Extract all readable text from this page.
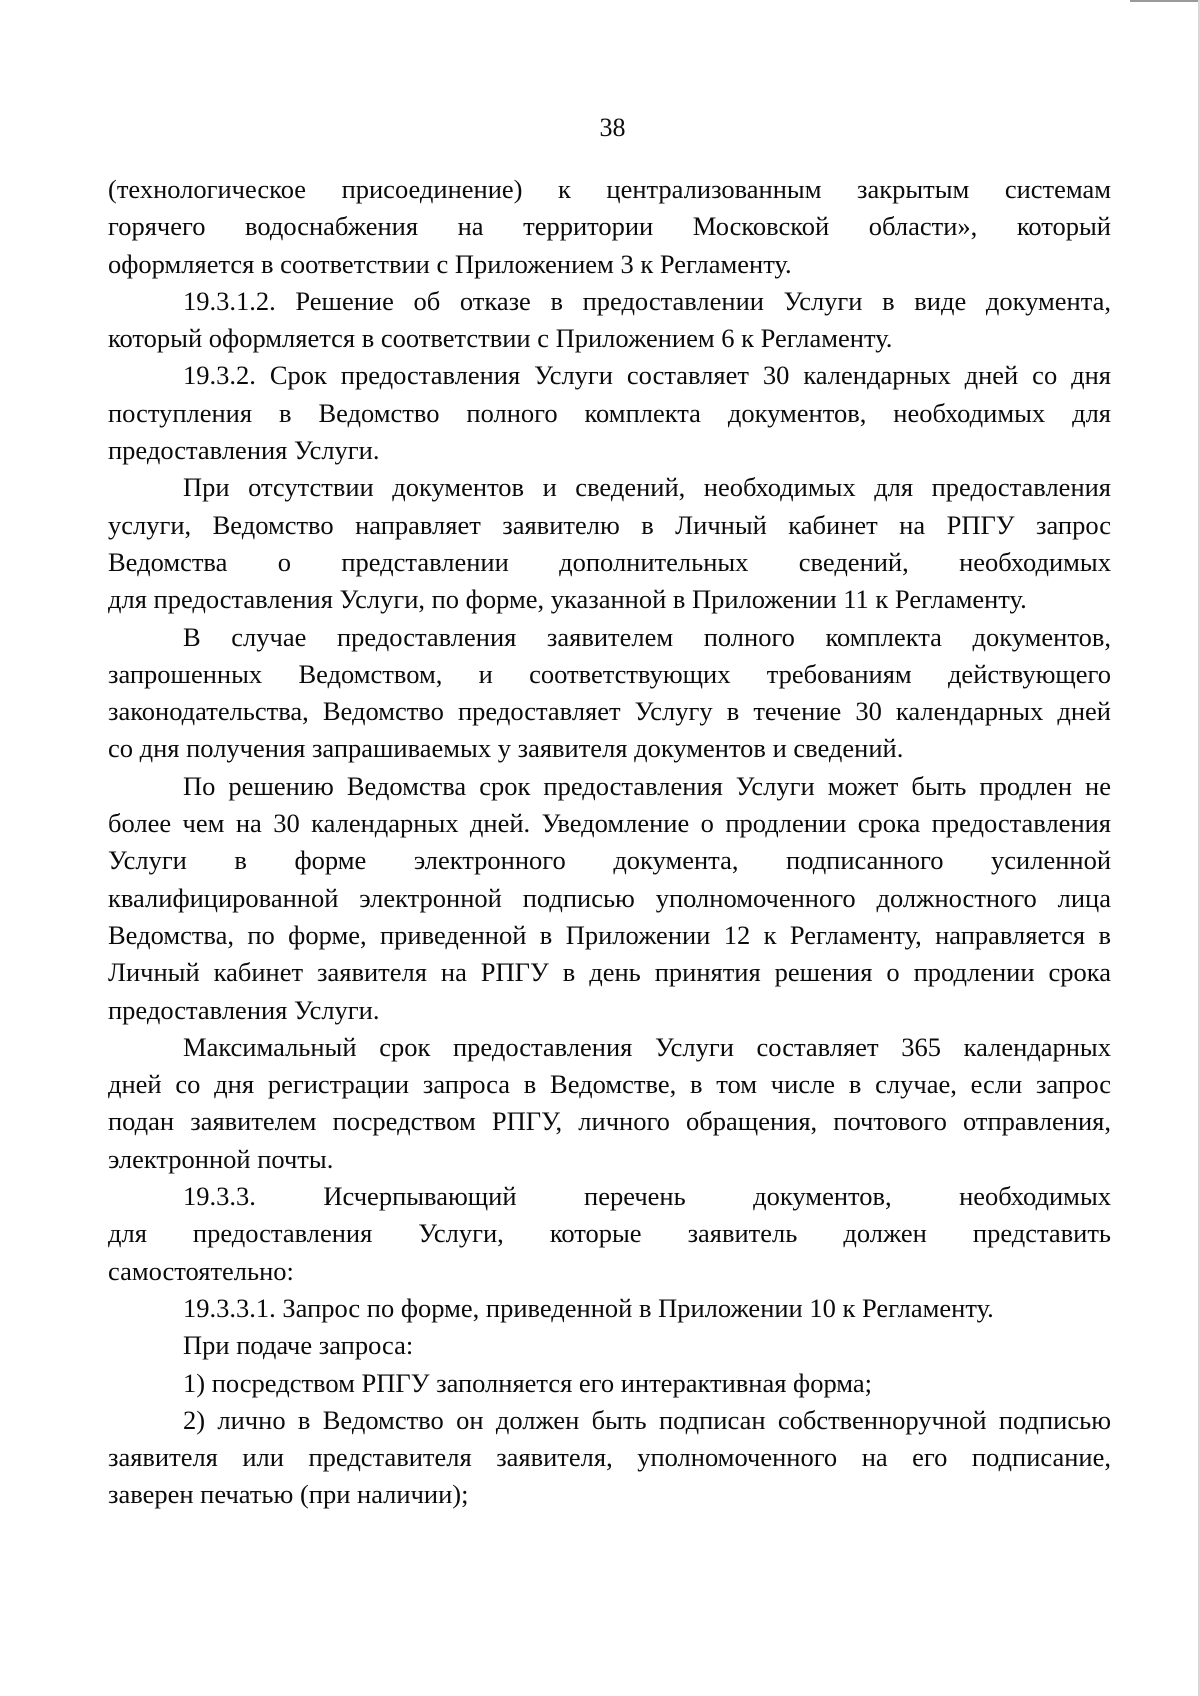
38
(технологическое присоединение) к централизованным закрытым системам
горячего водоснабжения на территории Московской области», который
оформляется в соответствии с Приложением 3 к Регламенту.
19.3.1.2. Решение об отказе в предоставлении Услуги в виде документа,
который оформляется в соответствии с Приложением 6 к Регламенту.
19.3.2. Срок предоставления Услуги составляет 30 календарных дней со дня
поступления в Ведомство полного комплекта документов, необходимых для
предоставления Услуги.
При отсутствии документов и сведений, необходимых для предоставления
услуги, Ведомство направляет заявителю в Личный кабинет на РПГУ запрос
Ведомства о представлении дополнительных сведений, необходимых
для предоставления Услуги, по форме, указанной в Приложении 11 к Регламенту.
В случае предоставления заявителем полного комплекта документов,
запрошенных Ведомством, и соответствующих требованиям действующего
законодательства, Ведомство предоставляет Услугу в течение 30 календарных дней
со дня получения запрашиваемых у заявителя документов и сведений.
По решению Ведомства срок предоставления Услуги может быть продлен не
более чем на 30 календарных дней. Уведомление о продлении срока предоставления
Услуги в форме электронного документа, подписанного усиленной
квалифицированной электронной подписью уполномоченного должностного лица
Ведомства, по форме, приведенной в Приложении 12 к Регламенту, направляется в
Личный кабинет заявителя на РПГУ в день принятия решения о продлении срока
предоставления Услуги.
Максимальный срок предоставления Услуги составляет 365 календарных
дней со дня регистрации запроса в Ведомстве, в том числе в случае, если запрос
подан заявителем посредством РПГУ, личного обращения, почтового отправления,
электронной почты.
19.3.3. Исчерпывающий перечень документов, необходимых
для предоставления Услуги, которые заявитель должен представить
самостоятельно:
19.3.3.1. Запрос по форме, приведенной в Приложении 10 к Регламенту.
При подаче запроса:
1) посредством РПГУ заполняется его интерактивная форма;
2) лично в Ведомство он должен быть подписан собственноручной подписью
заявителя или представителя заявителя, уполномоченного на его подписание,
заверен печатью (при наличии);
